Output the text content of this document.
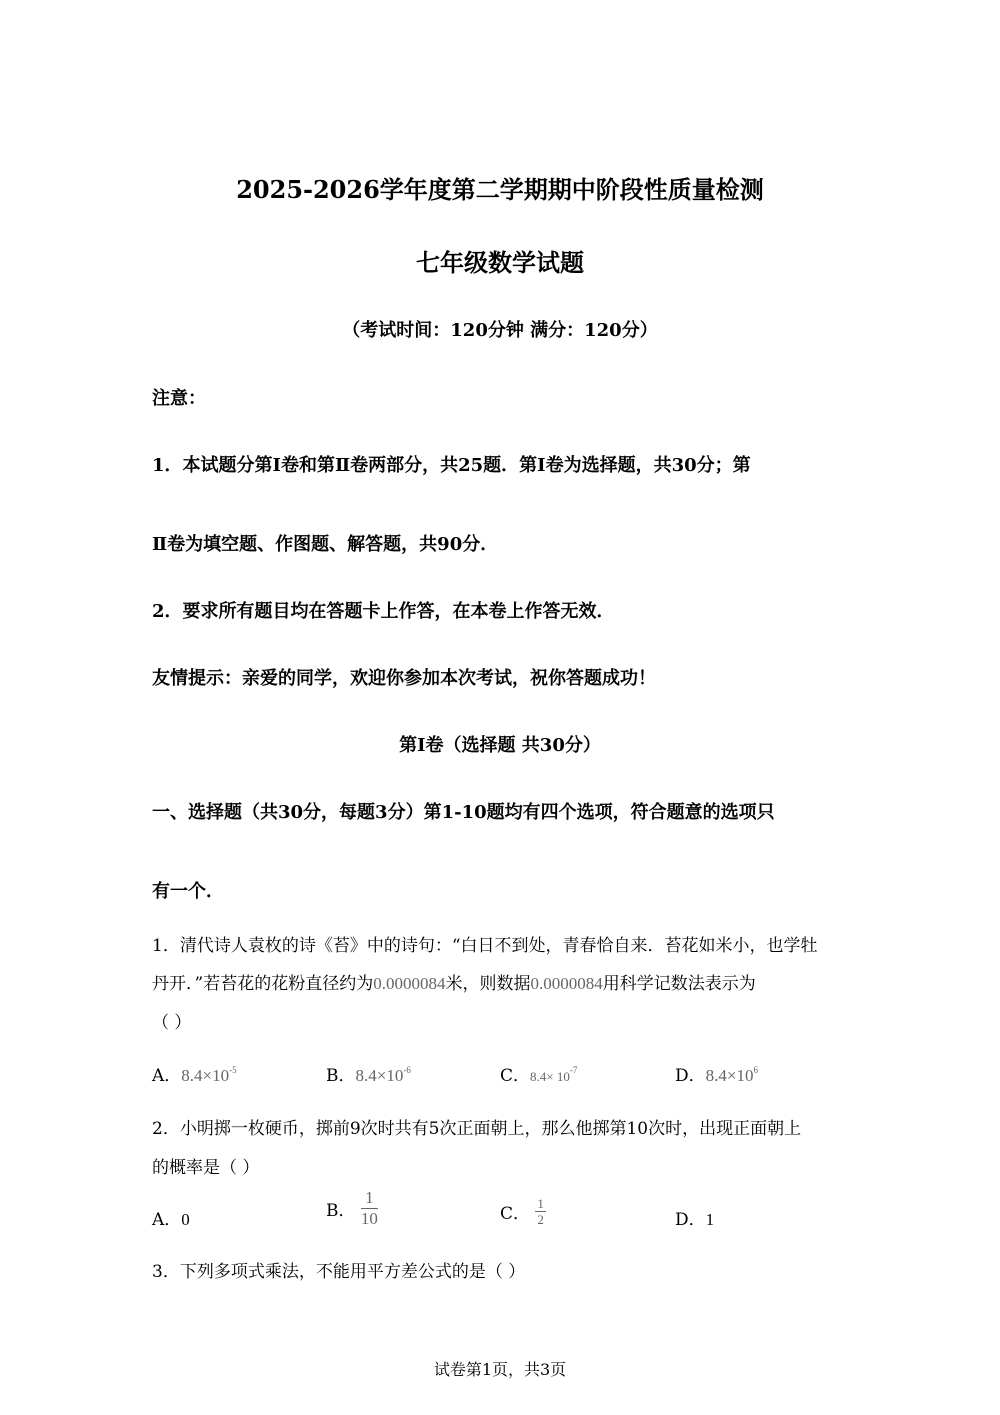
2025-2026学年度第二学期期中阶段性质量检测
七年级数学试题
（考试时间：120分钟 满分：120分）
注意：
1．本试题分第Ⅰ卷和第Ⅱ卷两部分，共25题．第Ⅰ卷为选择题，共30分；第
Ⅱ卷为填空题、作图题、解答题，共90分．
2．要求所有题目均在答题卡上作答，在本卷上作答无效．
友情提示：亲爱的同学，欢迎你参加本次考试，祝你答题成功！
第Ⅰ卷（选择题 共30分）
一、选择题（共30分，每题3分）第1-10题均有四个选项，符合题意的选项只
有一个．
1．清代诗人袁枚的诗《苔》中的诗句：“白日不到处，青春恰自来．苔花如米小，也学牡
丹开．”若苔花的花粉直径约为0.0000084米，则数据0.0000084用科学记数法表示为
（ ）
A．$8.4\times 10^{-5}$	B．$8.4\times 10^{-6}$	C．$8.4\times 10^{-7}$	D．$8.4\times 10^6$
2．小明掷一枚硬币，掷前9次时共有5次正面朝上，那么他掷第10次时，出现正面朝上
的概率是（ ）
A．0	B． $\frac{1}{10}$	C． $\frac{1}{2}$	D．1
3．下列多项式乘法，不能用平方差公式的是（ ）
试卷第1页，共3页
